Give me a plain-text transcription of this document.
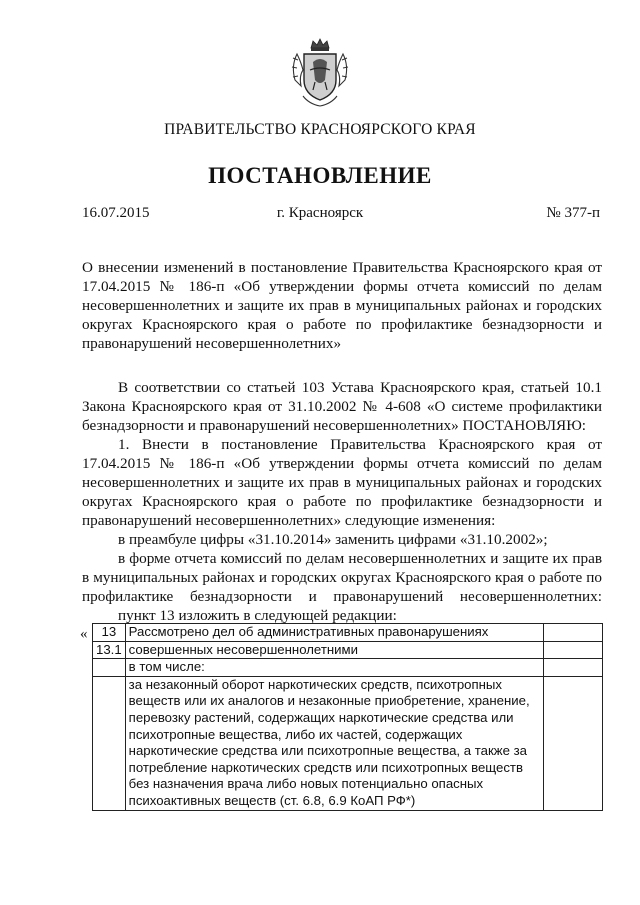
ПРАВИТЕЛЬСТВО КРАСНОЯРСКОГО КРАЯ
ПОСТАНОВЛЕНИЕ
16.07.2015	г. Красноярск	№ 377-п
О внесении изменений в постановление Правительства Красноярского края от 17.04.2015 № 186-п «Об утверждении формы отчета комиссий по делам несовершеннолетних и защите их прав в муниципальных районах и городских округах Красноярского края о работе по профилактике безнадзорности и правонарушений несовершеннолетних»

В соответствии со статьей 103 Устава Красноярского края, статьей 10.1 Закона Красноярского края от 31.10.2002 № 4-608 «О системе профилактики безнадзорности и правонарушений несовершеннолетних» ПОСТАНОВЛЯЮ:

1. Внести в постановление Правительства Красноярского края от 17.04.2015 № 186-п «Об утверждении формы отчета комиссий по делам несовершеннолетних и защите их прав в муниципальных районах и городских округах Красноярского края о работе по профилактике безнадзорности и правонарушений несовершеннолетних» следующие изменения:

в преамбуле цифры «31.10.2014» заменить цифрами «31.10.2002»;

в форме отчета комиссий по делам несовершеннолетних и защите их прав в муниципальных районах и городских округах Красноярского края о работе по профилактике безнадзорности и правонарушений несовершеннолетних:

пункт 13 изложить в следующей редакции:

« 13	Рассмотрено дел об административных правонарушениях	
13.1	совершенных несовершеннолетними	
	в том числе:	
	за незаконный оборот наркотических средств, психотропных веществ или их аналогов и незаконные приобретение, хранение, перевозку растений, содержащих наркотические средства или психотропные вещества, либо их частей, содержащих наркотические средства или психотропные вещества, а также за потребление наркотических средств или психотропных веществ без назначения врача либо новых потенциально опасных психоактивных веществ (ст. 6.8, 6.9 КоАП РФ*)	
